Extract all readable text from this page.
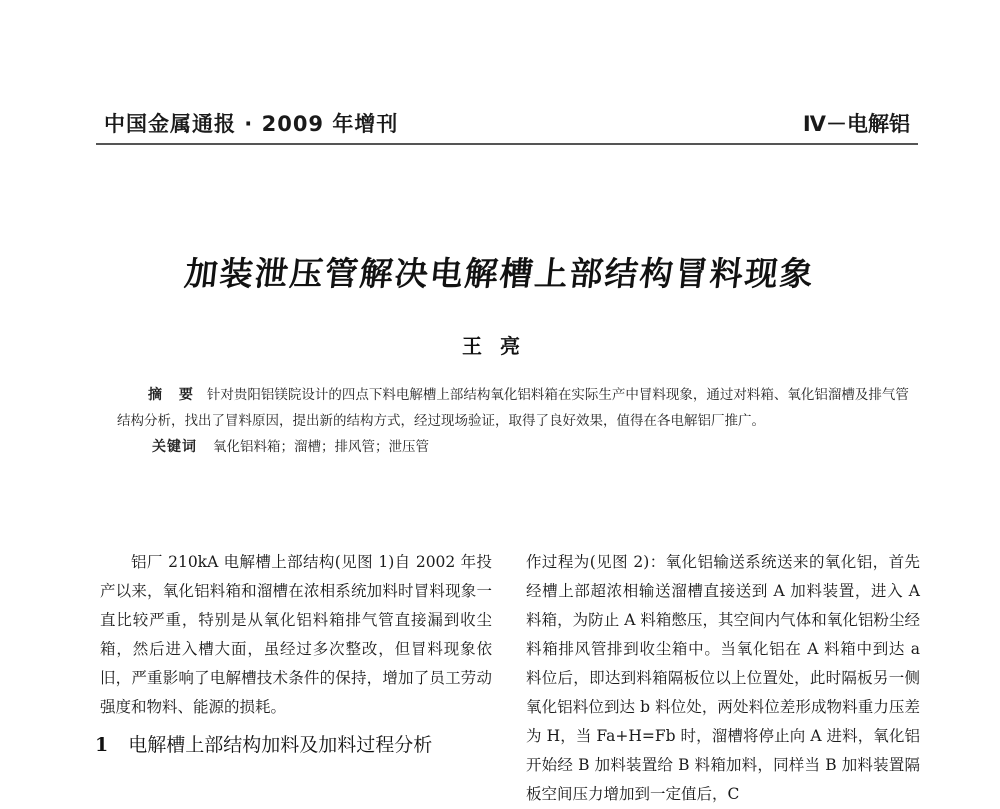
中国金属通报 · 2009 年增刊	Ⅳ－电解铝
加装泄压管解决电解槽上部结构冒料现象
王亮

摘 要 针对贵阳铝镁院设计的四点下料电解槽上部结构氧化铝料箱在实际生产中冒料现象，通过对料箱、氧化铝溜槽及排气管结构分析，找出了冒料原因，提出新的结构方式，经过现场验证，取得了良好效果，值得在各电解铝厂推广。

关键词 氧化铝料箱；溜槽；排风管；泄压管

铝厂 210kA 电解槽上部结构(见图 1)自 2002 年投产以来，氧化铝料箱和溜槽在浓相系统加料时冒料现象一直比较严重，特别是从氧化铝料箱排气管直接漏到收尘箱，然后进入槽大面，虽经过多次整改，但冒料现象依旧，严重影响了电解槽技术条件的保持，增加了员工劳动强度和物料、能源的损耗。

1 电解槽上部结构加料及加料过程分析

作过程为(见图 2)：氧化铝输送系统送来的氧化铝，首先经槽上部超浓相输送溜槽直接送到 A 加料装置，进入 A 料箱，为防止 A 料箱憋压，其空间内气体和氧化铝粉尘经料箱排风管排到收尘箱中。当氧化铝在 A 料箱中到达 a 料位后，即达到料箱隔板位以上位置处，此时隔板另一侧氧化铝料位到达 b 料位处，两处料位差形成物料重力压差为 H，当 Fa+H=Fb 时，溜槽将停止向 A 进料，氧化铝开始经 B 加料装置给 B 料箱加料，同样当 B 加料装置隔板空间压力增加到一定值后，C
